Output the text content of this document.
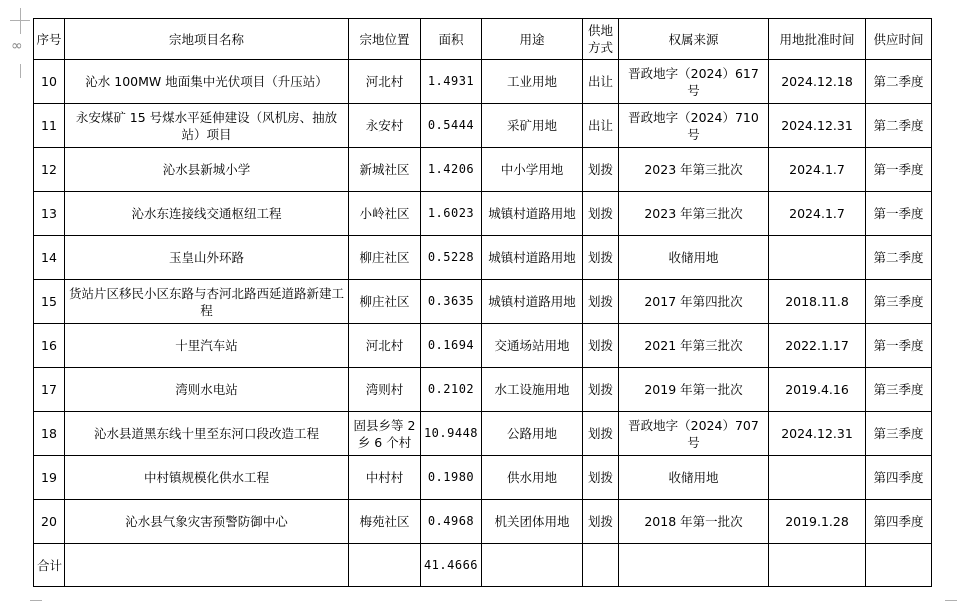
∞ 序号	宗地项目名称	宗地位置	面积	用途	供地方式	权属来源	用地批准时间	供应时间
10	沁水 100MW 地面集中光伏项目（升压站）	河北村	1.4931	工业用地	出让	晋政地字（2024）617 号	2024.12.18	第二季度
11	永安煤矿 15 号煤水平延伸建设（风机房、抽放站）项目	永安村	0.5444	采矿用地	出让	晋政地字（2024）710 号	2024.12.31	第二季度
12	沁水县新城小学	新城社区	1.4206	中小学用地	划拨	2023 年第三批次	2024.1.7	第一季度
13	沁水东连接线交通枢纽工程	小岭社区	1.6023	城镇村道路用地	划拨	2023 年第三批次	2024.1.7	第一季度
14	玉皇山外环路	柳庄社区	0.5228	城镇村道路用地	划拨	收储用地		第二季度
15	货站片区移民小区东路与杏河北路西延道路新建工程	柳庄社区	0.3635	城镇村道路用地	划拨	2017 年第四批次	2018.11.8	第三季度
16	十里汽车站	河北村	0.1694	交通场站用地	划拨	2021 年第三批次	2022.1.17	第一季度
17	湾则水电站	湾则村	0.2102	水工设施用地	划拨	2019 年第一批次	2019.4.16	第三季度
18	沁水县道黑东线十里至东河口段改造工程	固县乡等 2 乡 6 个村	10.9448	公路用地	划拨	晋政地字（2024）707 号	2024.12.31	第三季度
19	中村镇规模化供水工程	中村村	0.1980	供水用地	划拨	收储用地		第四季度
20	沁水县气象灾害预警防御中心	梅苑社区	0.4968	机关团体用地	划拨	2018 年第一批次	2019.1.28	第四季度
合计			41.4666					
